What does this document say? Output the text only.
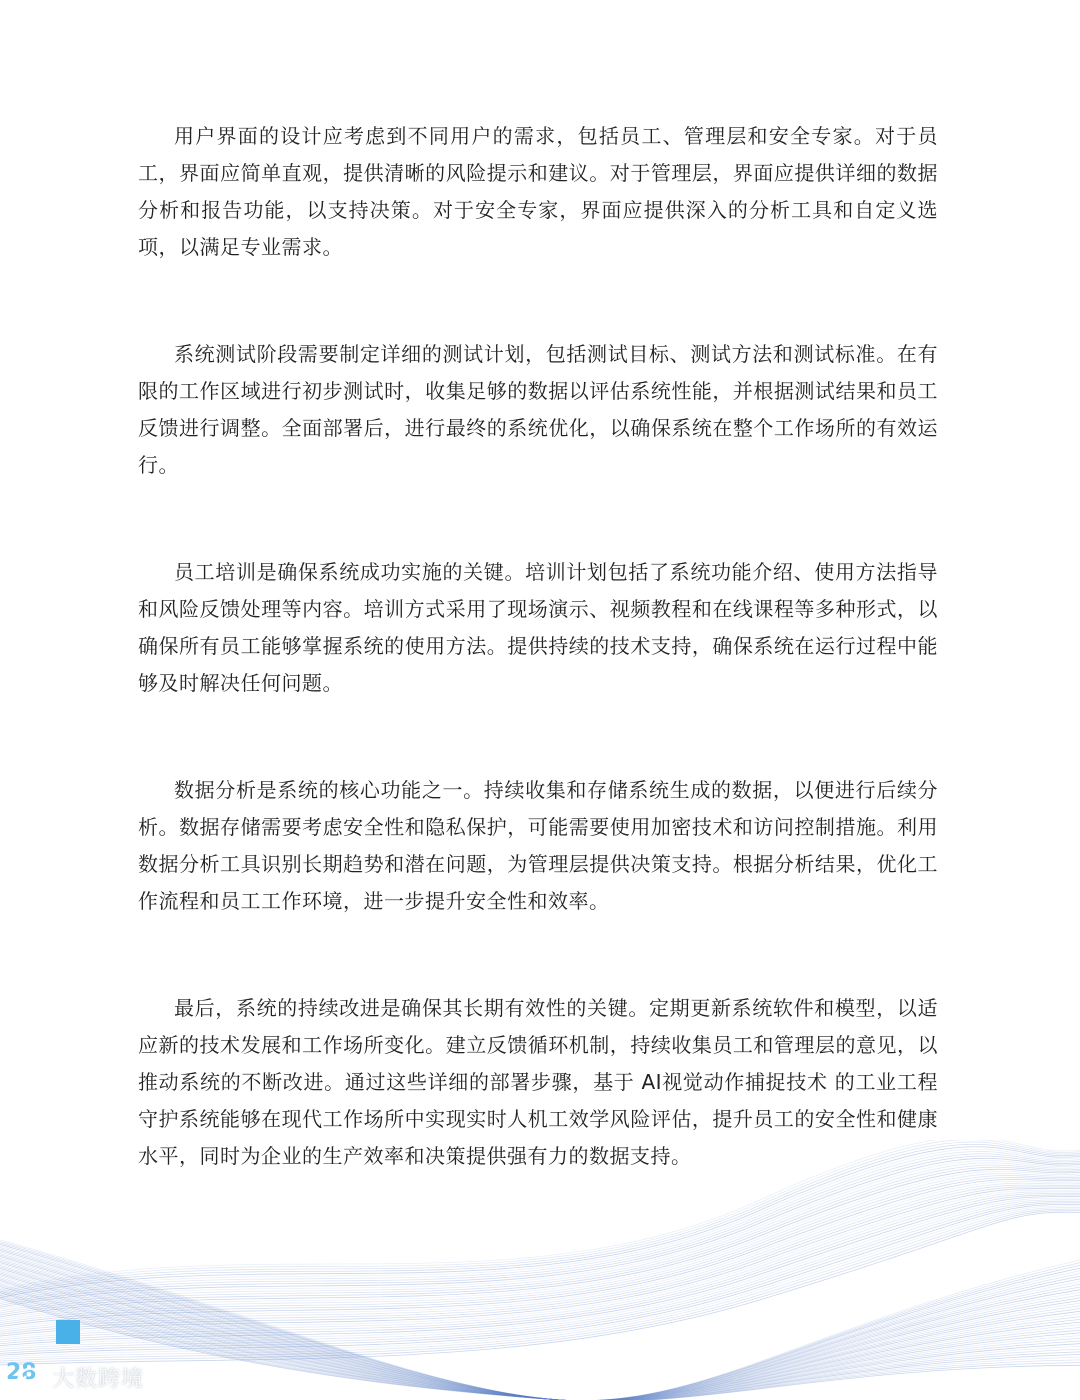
用户界面的设计应考虑到不同用户的需求，包括员工、管理层和安全专家。对于员工，界面应简单直观，提供清晰的风险提示和建议。对于管理层，界面应提供详细的数据分析和报告功能，以支持决策。对于安全专家，界面应提供深入的分析工具和自定义选项，以满足专业需求。

系统测试阶段需要制定详细的测试计划，包括测试目标、测试方法和测试标准。在有限的工作区域进行初步测试时，收集足够的数据以评估系统性能，并根据测试结果和员工反馈进行调整。全面部署后，进行最终的系统优化，以确保系统在整个工作场所的有效运行。

员工培训是确保系统成功实施的关键。培训计划包括了系统功能介绍、使用方法指导和风险反馈处理等内容。培训方式采用了现场演示、视频教程和在线课程等多种形式，以确保所有员工能够掌握系统的使用方法。提供持续的技术支持，确保系统在运行过程中能够及时解决任何问题。

数据分析是系统的核心功能之一。持续收集和存储系统生成的数据，以便进行后续分析。数据存储需要考虑安全性和隐私保护，可能需要使用加密技术和访问控制措施。利用数据分析工具识别长期趋势和潜在问题，为管理层提供决策支持。根据分析结果，优化工作流程和员工工作环境，进一步提升安全性和效率。

最后，系统的持续改进是确保其长期有效性的关键。定期更新系统软件和模型，以适应新的技术发展和工作场所变化。建立反馈循环机制，持续收集员工和管理层的意见，以推动系统的不断改进。通过这些详细的部署步骤，基于 AI视觉动作捕捉技术 的工业工程守护系统能够在现代工作场所中实现实时人机工效学风险评估，提升员工的安全性和健康水平，同时为企业的生产效率和决策提供强有力的数据支持。

28 大数跨境
